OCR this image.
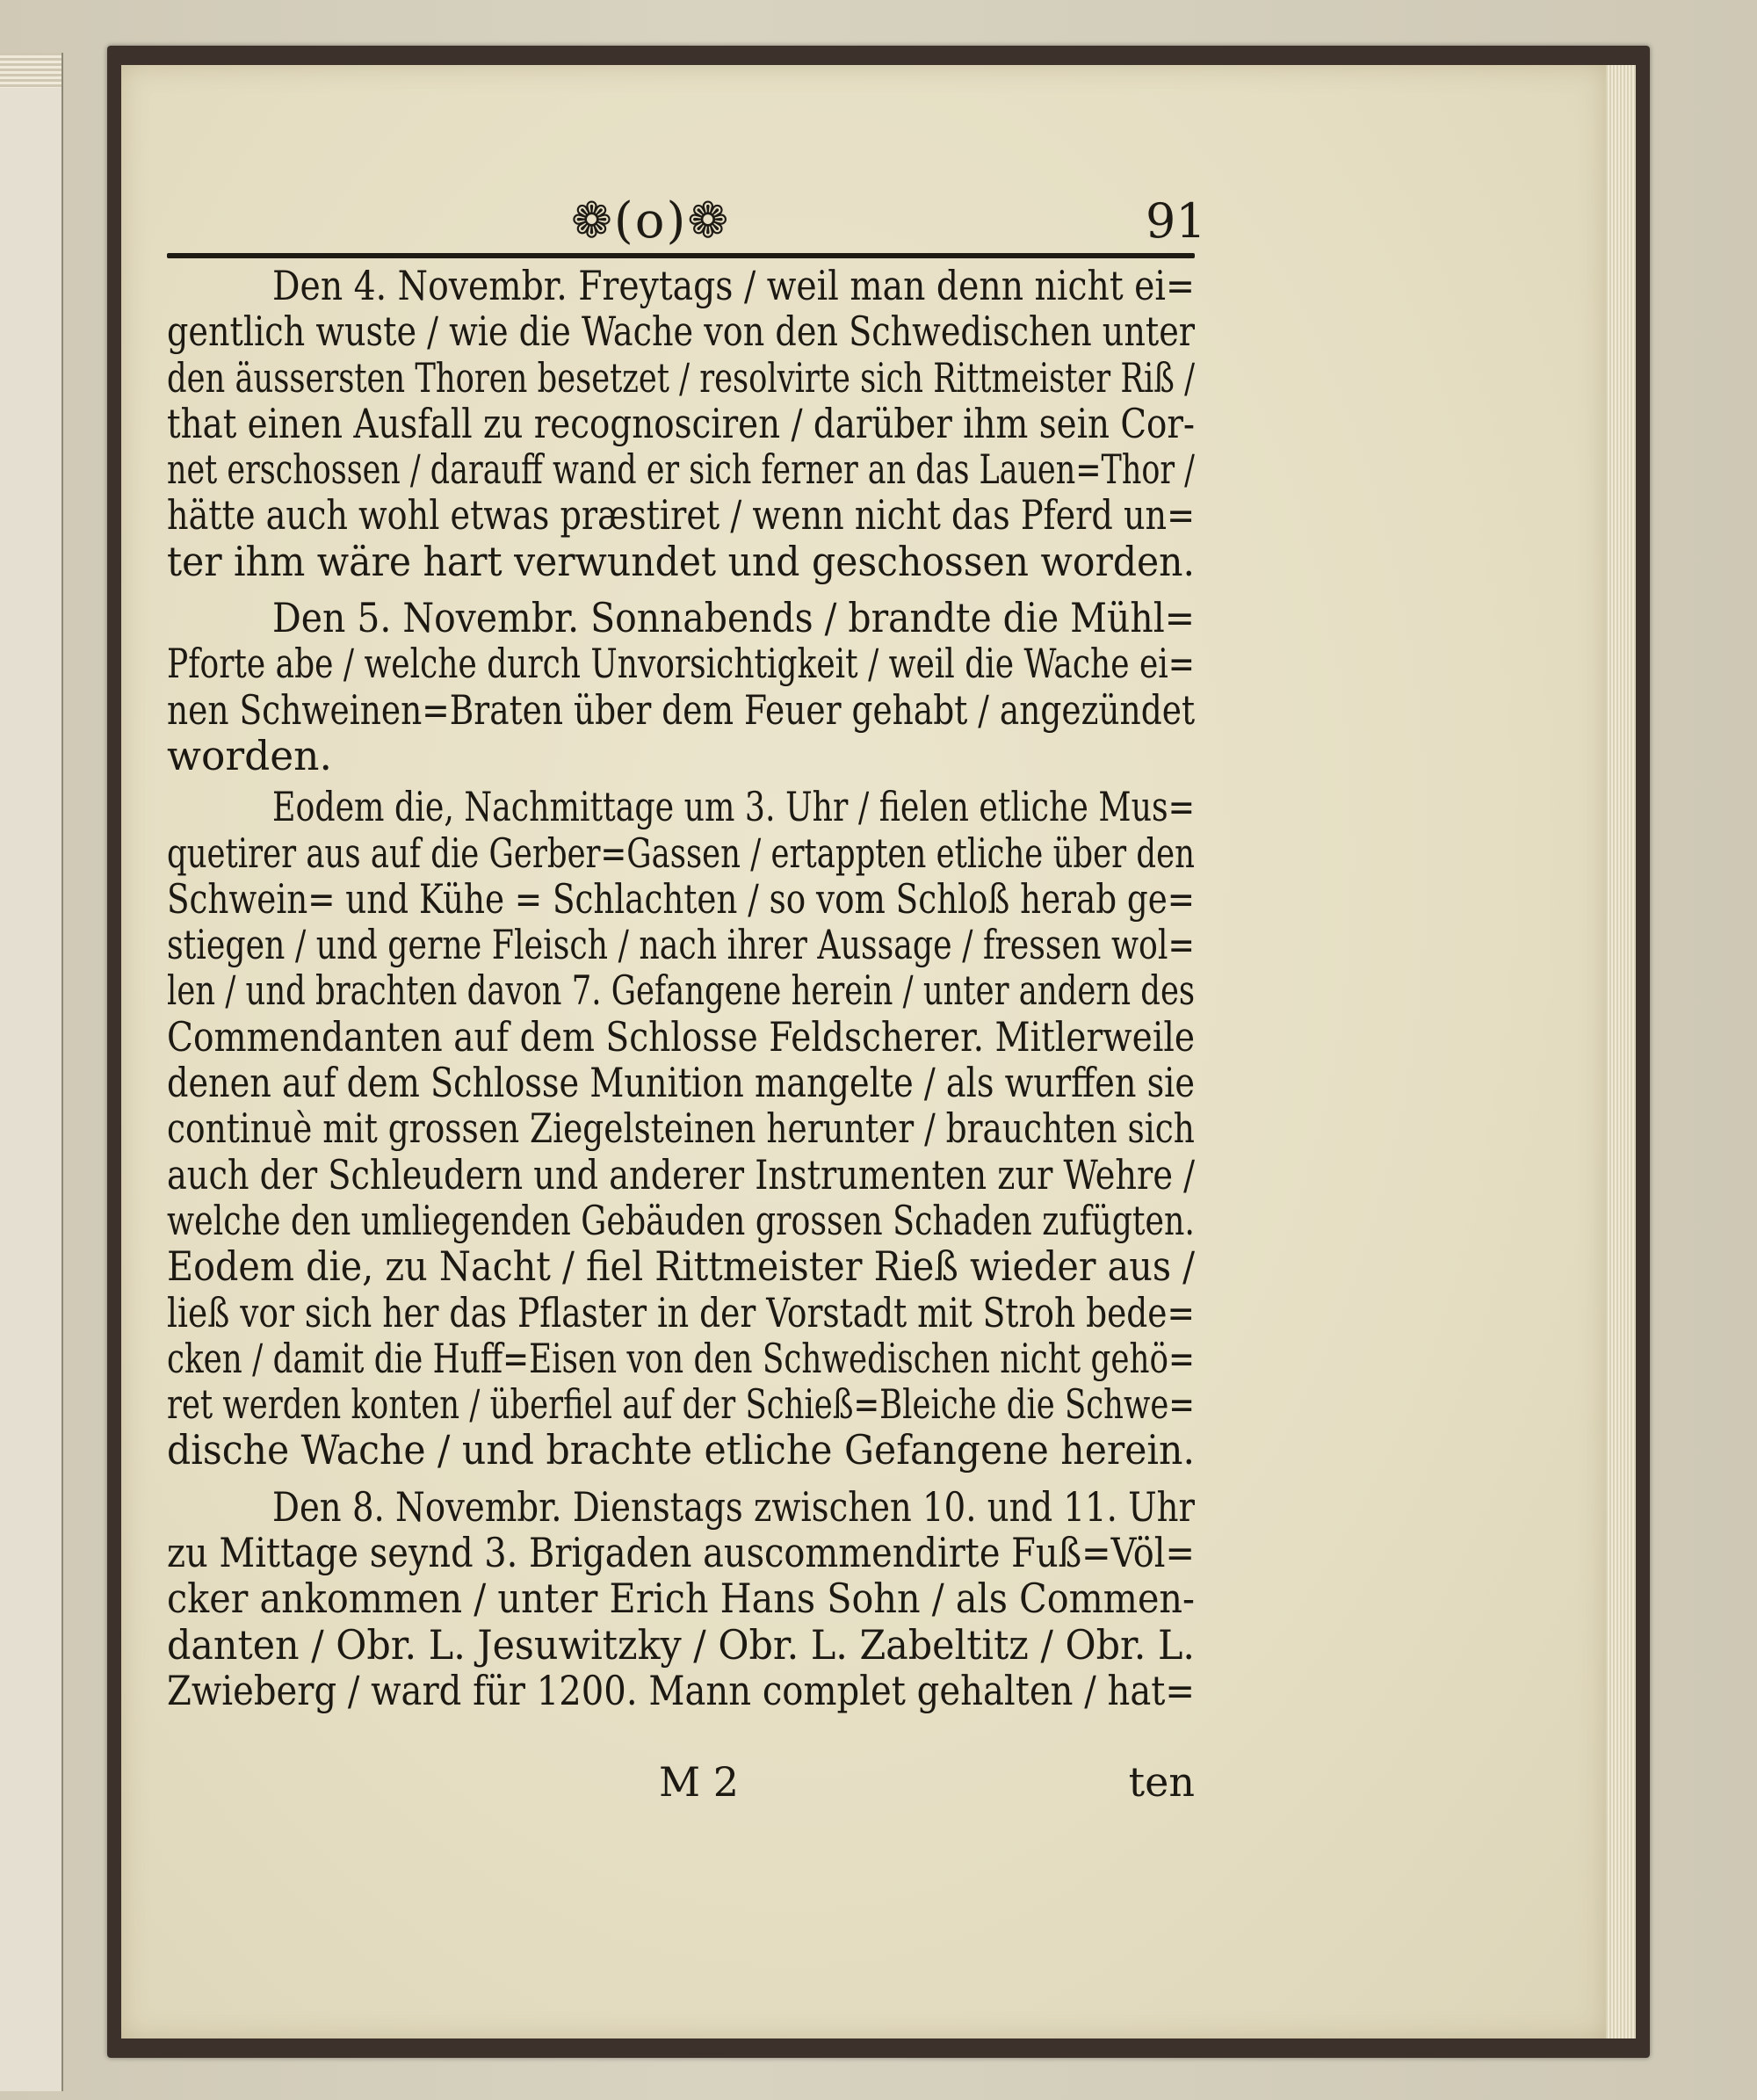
❁(o)❁	91
Den 4. Novembr. Freytags / weil man denn nicht ei=
gentlich wuste / wie die Wache von den Schwedischen unter
den äussersten Thoren besetzet / resolvirte sich Rittmeister Riß /
that einen Ausfall zu recognosciren / darüber ihm sein Cor-
net erschossen / darauff wand er sich ferner an das Lauen=Thor /
hätte auch wohl etwas præstiret / wenn nicht das Pferd un=
ter ihm wäre hart verwundet und geschossen worden.
Den 5. Novembr. Sonnabends / brandte die Mühl=
Pforte abe / welche durch Unvorsichtigkeit / weil die Wache ei=
nen Schweinen=Braten über dem Feuer gehabt / angezündet
worden.
Eodem die, Nachmittage um 3. Uhr / fielen etliche Mus=
quetirer aus auf die Gerber=Gassen / ertappten etliche über den
Schwein= und Kühe = Schlachten / so vom Schloß herab ge=
stiegen / und gerne Fleisch / nach ihrer Aussage / fressen wol=
len / und brachten davon 7. Gefangene herein / unter andern des
Commendanten auf dem Schlosse Feldscherer. Mitlerweile
denen auf dem Schlosse Munition mangelte / als wurffen sie
continuè mit grossen Ziegelsteinen herunter / brauchten sich
auch der Schleudern und anderer Instrumenten zur Wehre /
welche den umliegenden Gebäuden grossen Schaden zufügten.
Eodem die, zu Nacht / fiel Rittmeister Rieß wieder aus /
ließ vor sich her das Pflaster in der Vorstadt mit Stroh bede=
cken / damit die Huff=Eisen von den Schwedischen nicht gehö=
ret werden konten / überfiel auf der Schieß=Bleiche die Schwe=
dische Wache / und brachte etliche Gefangene herein.
Den 8. Novembr. Dienstags zwischen 10. und 11. Uhr
zu Mittage seynd 3. Brigaden auscommendirte Fuß=Völ=
cker ankommen / unter Erich Hans Sohn / als Commen-
danten / Obr. L. Jesuwitzky / Obr. L. Zabeltitz / Obr. L.
Zwieberg / ward für 1200. Mann complet gehalten / hat=
M 2	ten
